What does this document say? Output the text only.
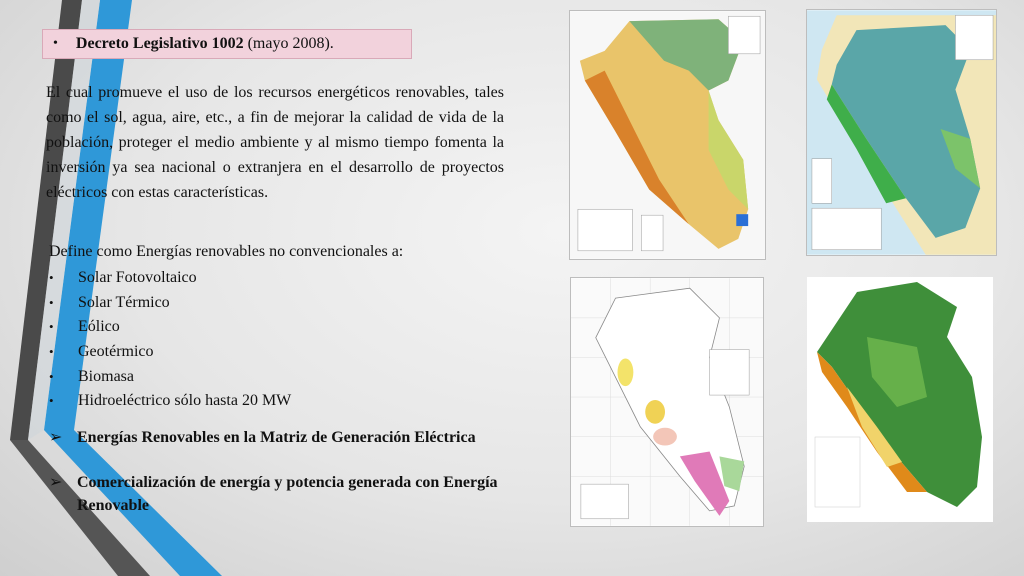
• Decreto Legislativo 1002 (mayo 2008).
El cual promueve el uso de los recursos energéticos renovables, tales como el sol, agua, aire, etc., a fin de mejorar la calidad de vida de la población, proteger el medio ambiente y al mismo tiempo fomenta la inversión ya sea nacional o extranjera en el desarrollo de proyectos eléctricos con estas características.
Define como Energías renovables no convencionales a:
•	Solar Fotovoltaico
•	Solar Térmico
•	Eólico
•	Geotérmico
•	Biomasa
•	Hidroeléctrico sólo hasta 20 MW
➢ Energías Renovables en la Matriz de Generación Eléctrica
➢ Comercialización de energía y potencia generada con Energía Renovable
